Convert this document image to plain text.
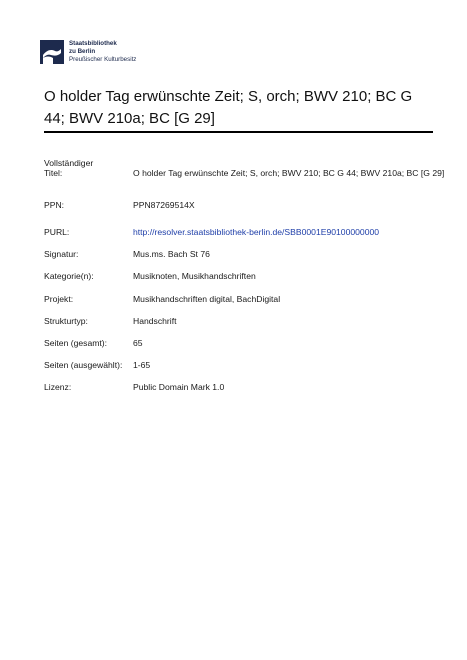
Staatsbibliothek
zu Berlin
Preußischer Kulturbesitz
O holder Tag erwünschte Zeit; S, orch; BWV 210; BC G 44; BWV 210a; BC [G 29]
Vollständiger
Titel:	O holder Tag erwünschte Zeit; S, orch; BWV 210; BC G 44; BWV 210a; BC [G 29]
PPN:	PPN87269514X
PURL:	http://resolver.staatsbibliothek-berlin.de/SBB0001E90100000000
Signatur:	Mus.ms. Bach St 76
Kategorie(n):	Musiknoten, Musikhandschriften
Projekt:	Musikhandschriften digital, BachDigital
Strukturtyp:	Handschrift
Seiten (gesamt):	65
Seiten (ausgewählt):	1-65
Lizenz:	Public Domain Mark 1.0
